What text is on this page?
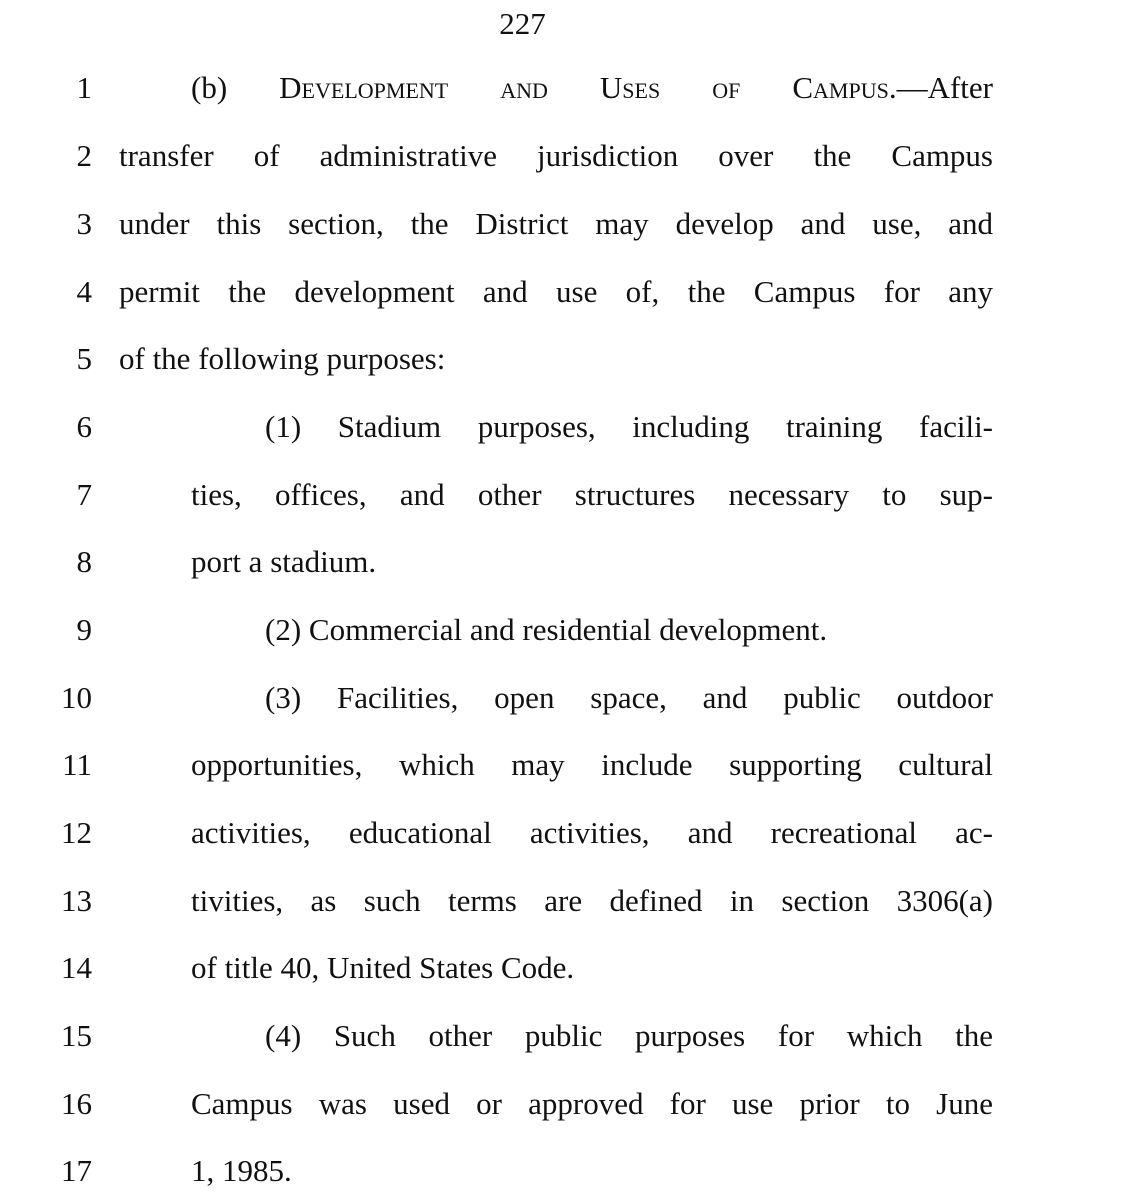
227
1	(b) Development and Uses of Campus.—After
2 transfer of administrative jurisdiction over the Campus
3 under this section, the District may develop and use, and
4 permit the development and use of, the Campus for any
5 of the following purposes:
6	(1) Stadium purposes, including training facili-
7	ties, offices, and other structures necessary to sup-
8	port a stadium.
9	(2) Commercial and residential development.
10	(3) Facilities, open space, and public outdoor
11	opportunities, which may include supporting cultural
12	activities, educational activities, and recreational ac-
13	tivities, as such terms are defined in section 3306(a)
14	of title 40, United States Code.
15	(4) Such other public purposes for which the
16	Campus was used or approved for use prior to June
17	1, 1985.
